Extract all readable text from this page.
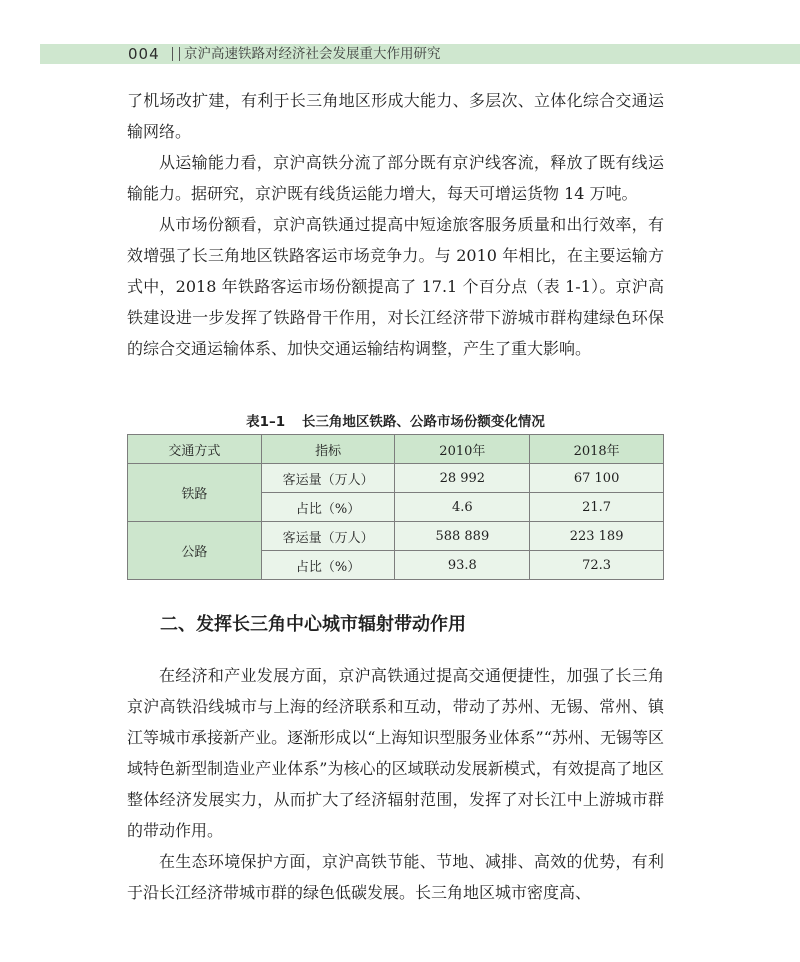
004 京沪高速铁路对经济社会发展重大作用研究

了机场改扩建，有利于长三角地区形成大能力、多层次、立体化综合交通运输网络。

从运输能力看，京沪高铁分流了部分既有京沪线客流，释放了既有线运输能力。据研究，京沪既有线货运能力增大，每天可增运货物 14 万吨。

从市场份额看，京沪高铁通过提高中短途旅客服务质量和出行效率，有效增强了长三角地区铁路客运市场竞争力。与 2010 年相比，在主要运输方式中，2018 年铁路客运市场份额提高了 17.1 个百分点（表 1-1）。京沪高铁建设进一步发挥了铁路骨干作用，对长江经济带下游城市群构建绿色环保的综合交通运输体系、加快交通运输结构调整，产生了重大影响。

表1–1 长三角地区铁路、公路市场份额变化情况
交通方式	指标	2010年	2018年
铁路	客运量（万人）	28 992	67 100
	占比（%）	4.6	21.7
公路	客运量（万人）	588 889	223 189
	占比（%）	93.8	72.3
二、发挥长三角中心城市辐射带动作用

在经济和产业发展方面，京沪高铁通过提高交通便捷性，加强了长三角京沪高铁沿线城市与上海的经济联系和互动，带动了苏州、无锡、常州、镇江等城市承接新产业。逐渐形成以“上海知识型服务业体系”“苏州、无锡等区域特色新型制造业产业体系”为核心的区域联动发展新模式，有效提高了地区整体经济发展实力，从而扩大了经济辐射范围，发挥了对长江中上游城市群的带动作用。

在生态环境保护方面，京沪高铁节能、节地、减排、高效的优势，有利于沿长江经济带城市群的绿色低碳发展。长三角地区城市密度高、
